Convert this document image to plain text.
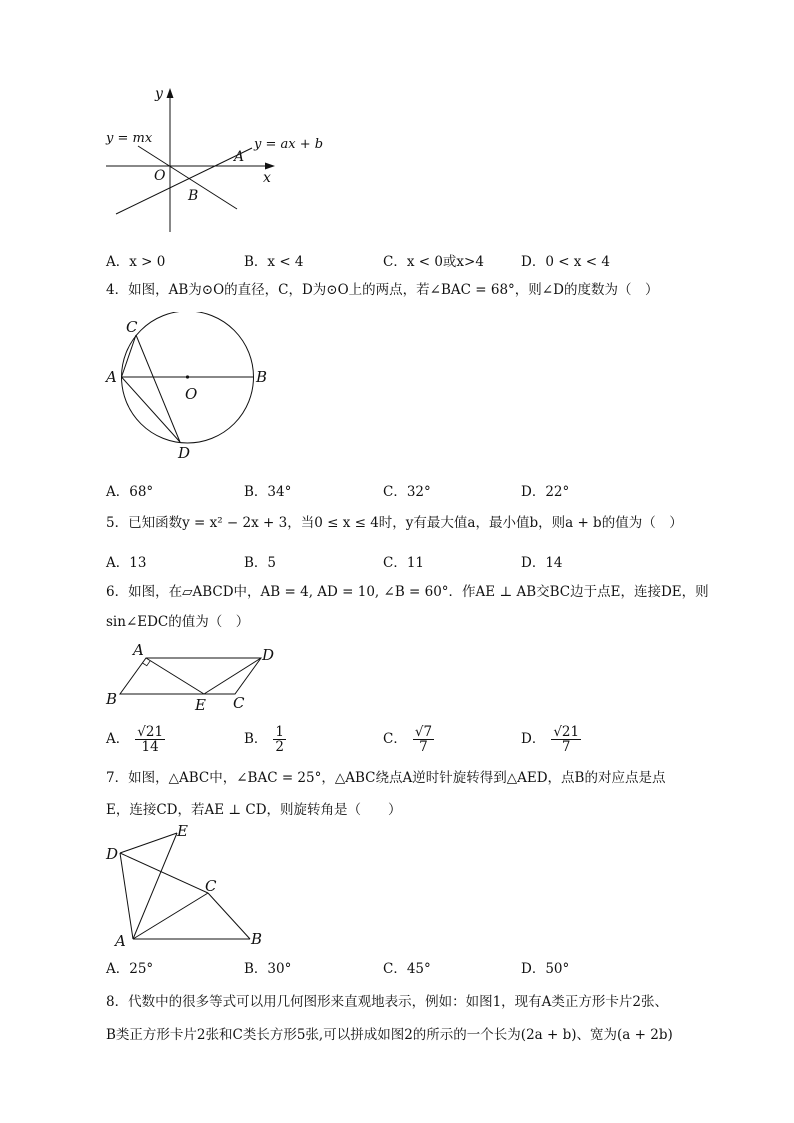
y
x
O
y = mx	y = ax + b
A
B
A．x > 0	B．x < 4	C．x < 0或x>4	D．0 < x < 4
4．如图，AB为⊙O的直径，C，D为⊙O上的两点，若∠BAC = 68°，则∠D的度数为（　）
C
A
O
B
D
A．68°	B．34°	C．32°	D．22°
5．已知函数y = x² − 2x + 3，当0 ≤ x ≤ 4时，y有最大值a，最小值b，则a + b的值为（　）
A．13	B．5	C．11	D．14
6．如图，在▱ABCD中，AB = 4, AD = 10, ∠B = 60°．作AE ⊥ AB交BC边于点E，连接DE，则
sin∠EDC的值为（　）
A	D
B	E C
A． $\frac{√21}{14}$	B． $\frac{1}{2}$	C． $\frac{√7}{7}$	D． $\frac{√21}{7}$
7．如图，△ABC中，∠BAC = 25°，△ABC绕点A逆时针旋转得到△AED，点B的对应点是点
E，连接CD，若AE ⊥ CD，则旋转角是（　　）
E
D
C
A	B
A．25°	B．30°	C．45°	D．50°
8．代数中的很多等式可以用几何图形来直观地表示，例如：如图1，现有A类正方形卡片2张、
B类正方形卡片2张和C类长方形5张,可以拼成如图2的所示的一个长为(2a + b)、宽为(a + 2b)
